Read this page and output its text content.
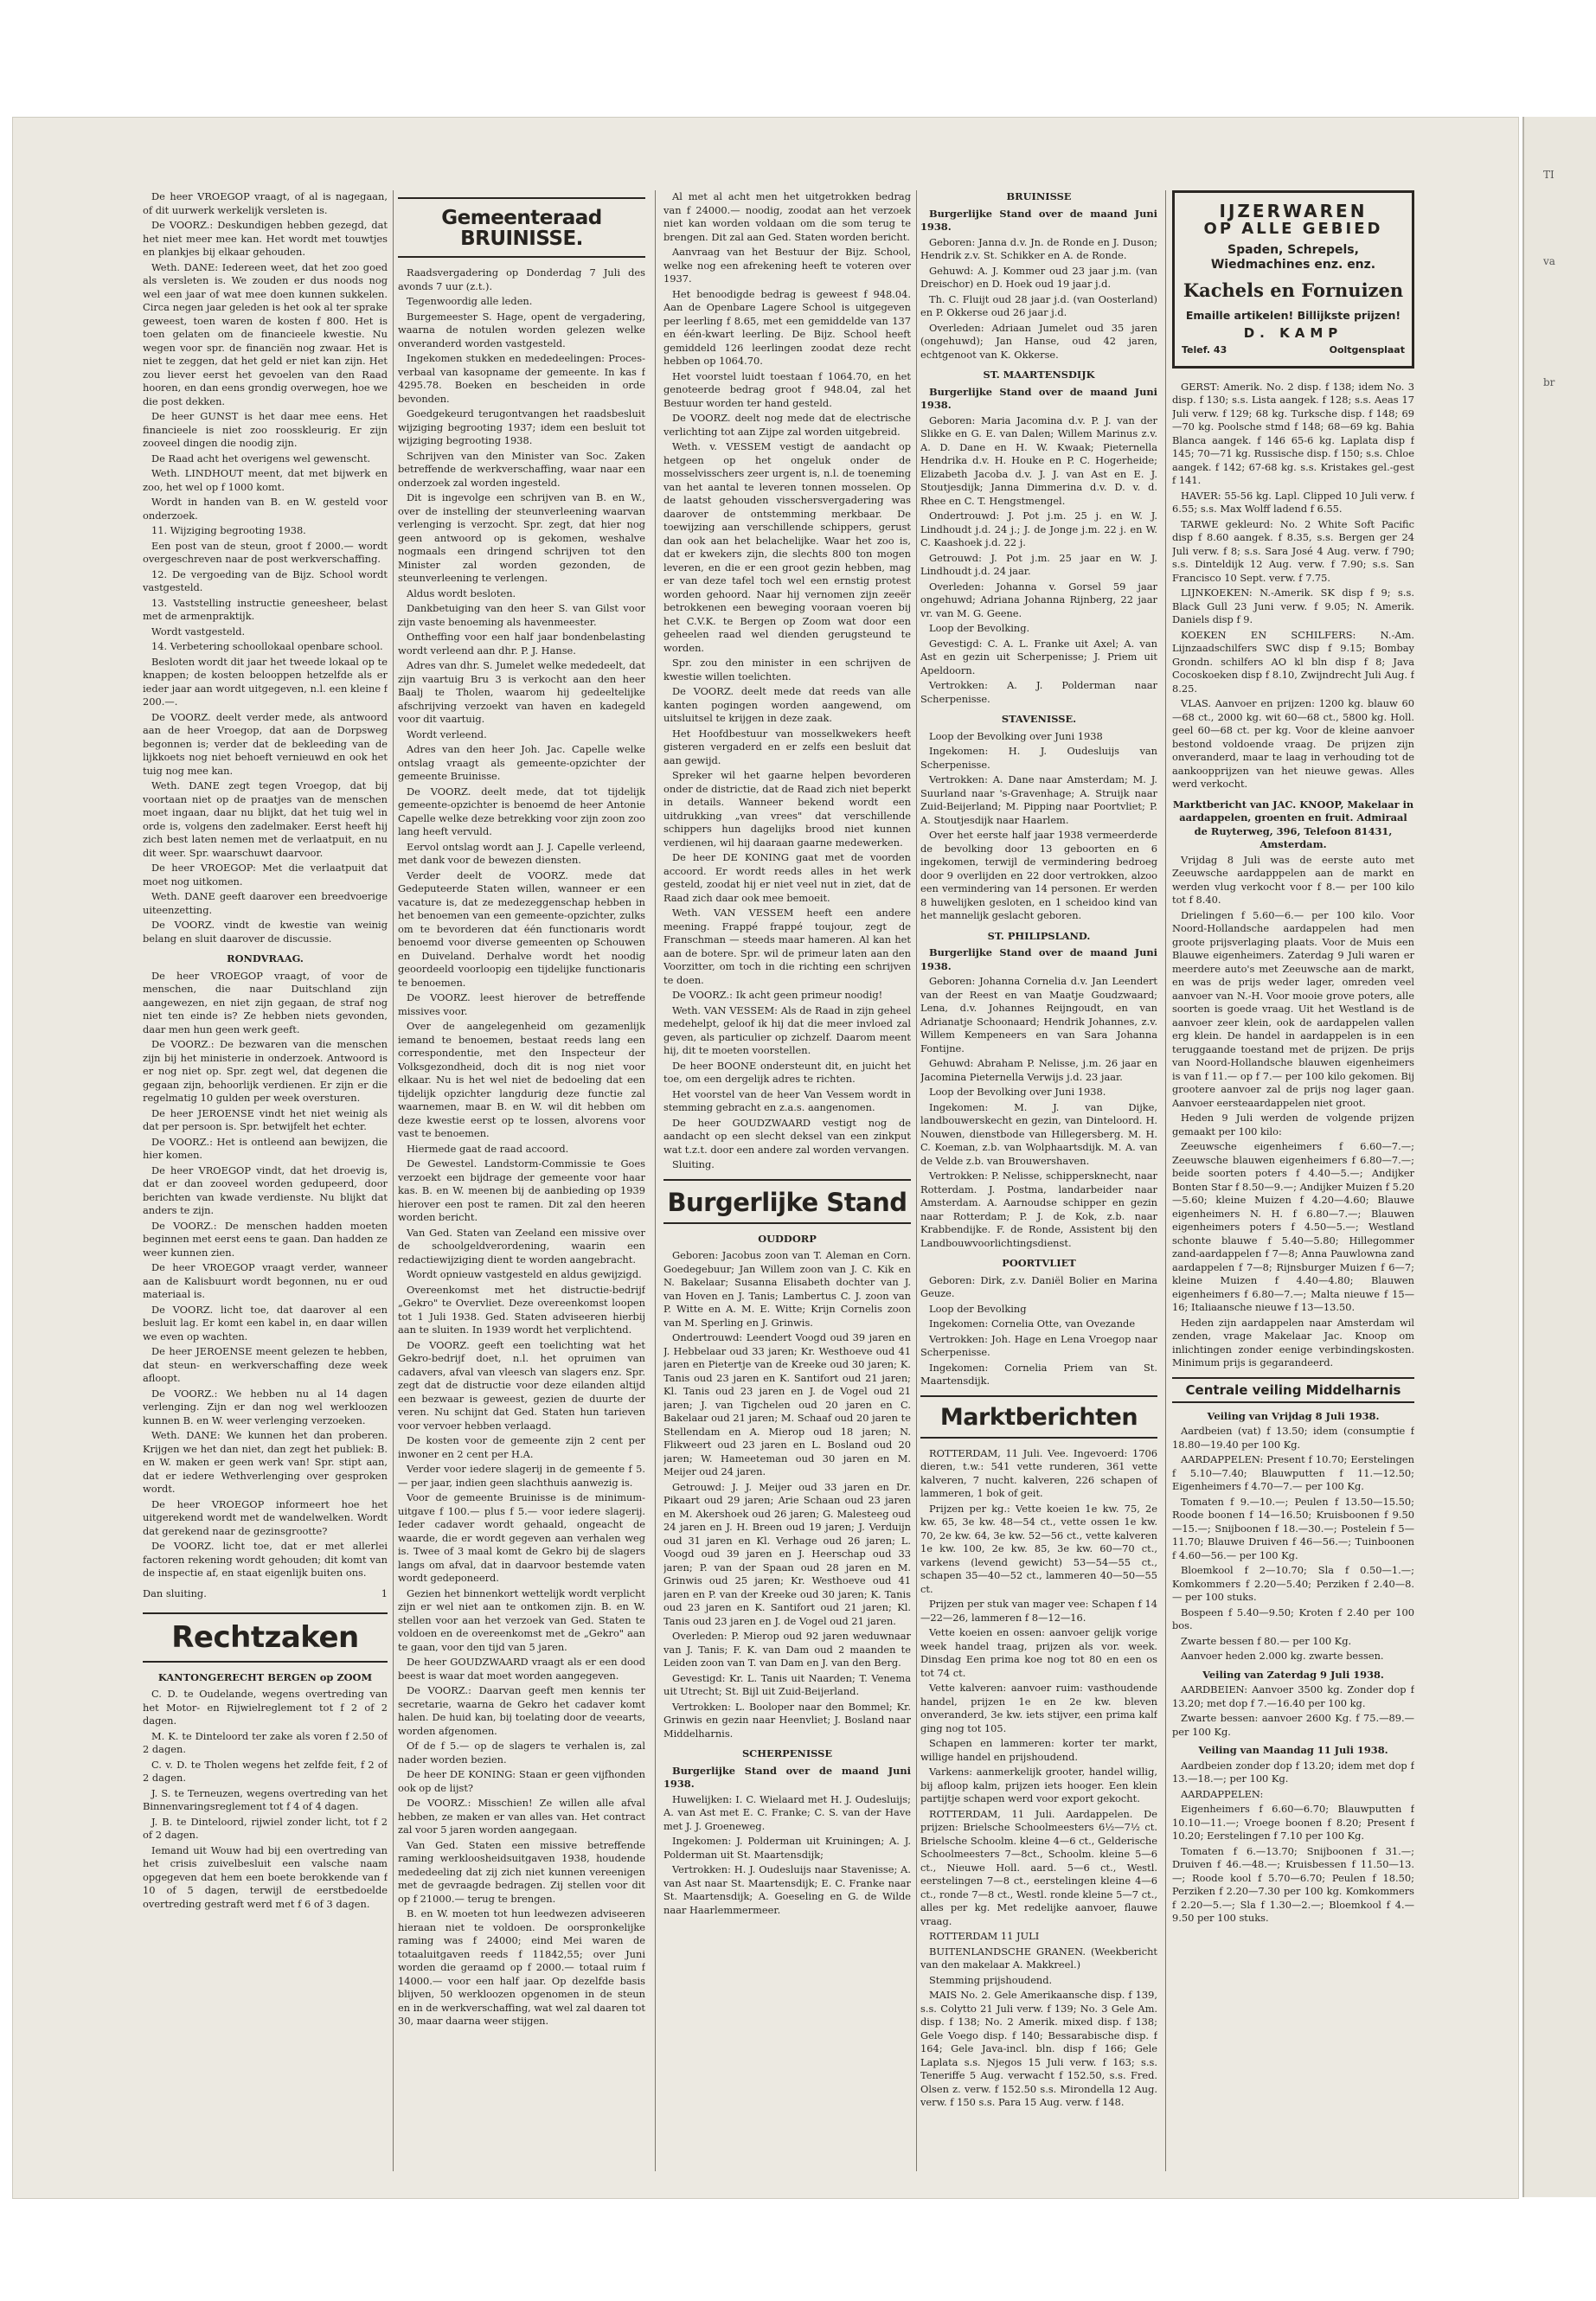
TI
va
br

De heer VROEGOP vraagt, of al is nagegaan, of dit uurwerk werkelijk versleten is.

De VOORZ.: Deskundigen hebben gezegd, dat het niet meer mee kan. Het wordt met touwtjes en plankjes bij elkaar gehouden.

Weth. DANE: Iedereen weet, dat het zoo goed als versleten is. We zouden er dus noods nog wel een jaar of wat mee doen kunnen sukkelen. Circa negen jaar geleden is het ook al ter sprake geweest, toen waren de kosten f 800. Het is toen gelaten om de financieele kwestie. Nu wegen voor spr. de financiën nog zwaar. Het is niet te zeggen, dat het geld er niet kan zijn. Het zou liever eerst het gevoelen van den Raad hooren, en dan eens grondig overwegen, hoe we die post dekken.

De heer GUNST is het daar mee eens. Het financieele is niet zoo roosskleurig. Er zijn zooveel dingen die noodig zijn.

De Raad acht het overigens wel gewenscht.

Weth. LINDHOUT meent, dat met bijwerk en zoo, het wel op f 1000 komt.

Wordt in handen van B. en W. gesteld voor onderzoek.

11. Wijziging begrooting 1938.

Een post van de steun, groot f 2000.— wordt overgeschreven naar de post werkverschaffing.

12. De vergoeding van de Bijz. School wordt vastgesteld.

13. Vaststelling instructie geneesheer, belast met de armenpraktijk.

Wordt vastgesteld.

14. Verbetering schoollokaal openbare school.

Besloten wordt dit jaar het tweede lokaal op te knappen; de kosten belooppen hetzelfde als er ieder jaar aan wordt uitgegeven, n.l. een kleine f 200.—.

De VOORZ. deelt verder mede, als antwoord aan de heer Vroegop, dat aan de Dorpsweg begonnen is; verder dat de bekleeding van de lijkkoets nog niet behoeft vernieuwd en ook het tuig nog mee kan.

Weth. DANE zegt tegen Vroegop, dat bij voortaan niet op de praatjes van de menschen moet ingaan, daar nu blijkt, dat het tuig wel in orde is, volgens den zadelmaker. Eerst heeft hij zich best laten nemen met de verlaatpuit, en nu dit weer. Spr. waarschuwt daarvoor.

De heer VROEGOP: Met die verlaatpuit dat moet nog uitkomen.

Weth. DANE geeft daarover een breedvoerige uiteenzetting.

De VOORZ. vindt de kwestie van weinig belang en sluit daarover de discussie.

RONDVRAAG.

De heer VROEGOP vraagt, of voor de menschen, die naar Duitschland zijn aangewezen, en niet zijn gegaan, de straf nog niet ten einde is? Ze hebben niets gevonden, daar men hun geen werk geeft.

De VOORZ.: De bezwaren van die menschen zijn bij het ministerie in onderzoek. Antwoord is er nog niet op. Spr. zegt wel, dat degenen die gegaan zijn, behoorlijk verdienen. Er zijn er die regelmatig 10 gulden per week oversturen.

De heer JEROENSE vindt het niet weinig als dat per persoon is. Spr. betwijfelt het echter.

De VOORZ.: Het is ontleend aan bewijzen, die hier komen.

De heer VROEGOP vindt, dat het droevig is, dat er dan zooveel worden gedupeerd, door berichten van kwade verdienste. Nu blijkt dat anders te zijn.

De VOORZ.: De menschen hadden moeten beginnen met eerst eens te gaan. Dan hadden ze weer kunnen zien.

De heer VROEGOP vraagt verder, wanneer aan de Kalisbuurt wordt begonnen, nu er oud materiaal is.

De VOORZ. licht toe, dat daarover al een besluit lag. Er komt een kabel in, en daar willen we even op wachten.

De heer JEROENSE meent gelezen te hebben, dat steun- en werkverschaffing deze week afloopt.

De VOORZ.: We hebben nu al 14 dagen verlenging. Zijn er dan nog wel werkloozen kunnen B. en W. weer verlenging verzoeken.

Weth. DANE: We kunnen het dan proberen. Krijgen we het dan niet, dan zegt het publiek: B. en W. maken er geen werk van! Spr. stipt aan, dat er iedere Wethverlenging over gesproken wordt.

De heer VROEGOP informeert hoe het uitgerekend wordt met de wandelwelken. Wordt dat gerekend naar de gezinsgrootte?

De VOORZ. licht toe, dat er met allerlei factoren rekening wordt gehouden; dit komt van de inspectie af, en staat eigenlijk buiten ons.

Dan sluiting.	1
Rechtzaken
KANTONGERECHT BERGEN op ZOOM

C. D. te Oudelande, wegens overtreding van het Motor- en Rijwielreglement tot f 2 of 2 dagen.

M. K. te Dinteloord ter zake als voren f 2.50 of 2 dagen.

C. v. D. te Tholen wegens het zelfde feit, f 2 of 2 dagen.

J. S. te Terneuzen, wegens overtreding van het Binnenvaringsreglement tot f 4 of 4 dagen.

J. B. te Dinteloord, rijwiel zonder licht, tot f 2 of 2 dagen.

Iemand uit Wouw had bij een overtreding van het crisis zuivelbesluit een valsche naam opgegeven dat hem een boete berokkende van f 10 of 5 dagen, terwijl de eerstbedoelde overtreding gestraft werd met f 6 of 3 dagen.

Gemeenteraad BRUINISSE.

Raadsvergadering op Donderdag 7 Juli des avonds 7 uur (z.t.).

Tegenwoordig alle leden.

Burgemeester S. Hage, opent de vergadering, waarna de notulen worden gelezen welke onveranderd worden vastgesteld.

Ingekomen stukken en mededeelingen: Proces-verbaal van kasopname der gemeente. In kas f 4295.78. Boeken en bescheiden in orde bevonden.

Goedgekeurd terugontvangen het raadsbesluit wijziging begrooting 1937; idem een besluit tot wijziging begrooting 1938.

Schrijven van den Minister van Soc. Zaken betreffende de werkverschaffing, waar naar een onderzoek zal worden ingesteld.

Dit is ingevolge een schrijven van B. en W., over de instelling der steunverleening waarvan verlenging is verzocht. Spr. zegt, dat hier nog geen antwoord op is gekomen, weshalve nogmaals een dringend schrijven tot den Minister zal worden gezonden, de steunverleening te verlengen.

Aldus wordt besloten.

Dankbetuiging van den heer S. van Gilst voor zijn vaste benoeming als havenmeester.

Ontheffing voor een half jaar bondenbelasting wordt verleend aan dhr. P. J. Hanse.

Adres van dhr. S. Jumelet welke mededeelt, dat zijn vaartuig Bru 3 is verkocht aan den heer Baalj te Tholen, waarom hij gedeeltelijke afschrijving verzoekt van haven en kadegeld voor dit vaartuig.

Wordt verleend.

Adres van den heer Joh. Jac. Capelle welke ontslag vraagt als gemeente-opzichter der gemeente Bruinisse.

De VOORZ. deelt mede, dat tot tijdelijk gemeente-opzichter is benoemd de heer Antonie Capelle welke deze betrekking voor zijn zoon zoo lang heeft vervuld.

Eervol ontslag wordt aan J. J. Capelle verleend, met dank voor de bewezen diensten.

Verder deelt de VOORZ. mede dat Gedeputeerde Staten willen, wanneer er een vacature is, dat ze medezeggenschap hebben in het benoemen van een gemeente-opzichter, zulks om te bevorderen dat één functionaris wordt benoemd voor diverse gemeenten op Schouwen en Duiveland. Derhalve wordt het noodig geoordeeld voorloopig een tijdelijke functionaris te benoemen.

De VOORZ. leest hierover de betreffende missives voor.

Over de aangelegenheid om gezamenlijk iemand te benoemen, bestaat reeds lang een correspondentie, met den Inspecteur der Volksgezondheid, doch dit is nog niet voor elkaar. Nu is het wel niet de bedoeling dat een tijdelijk opzichter langdurig deze functie zal waarnemen, maar B. en W. wil dit hebben om deze kwestie eerst op te lossen, alvorens voor vast te benoemen.

Hiermede gaat de raad accoord.

De Gewestel. Landstorm-Commissie te Goes verzoekt een bijdrage der gemeente voor haar kas. B. en W. meenen bij de aanbieding op 1939 hierover een post te ramen. Dit zal den heeren worden bericht.

Van Ged. Staten van Zeeland een missive over de schoolgeldverordening, waarin een redactiewijziging dient te worden aangebracht.

Wordt opnieuw vastgesteld en aldus gewijzigd.

Overeenkomst met het distructie-bedrijf „Gekro" te Overvliet. Deze overeenkomst loopen tot 1 Juli 1938. Ged. Staten adviseeren hierbij aan te sluiten. In 1939 wordt het verplichtend.

De VOORZ. geeft een toelichting wat het Gekro-bedrijf doet, n.l. het opruimen van cadavers, afval van vleesch van slagers enz. Spr. zegt dat de distructie voor deze eilanden altijd een bezwaar is geweest, gezien de duurte der veren. Nu schijnt dat Ged. Staten hun tarieven voor vervoer hebben verlaagd.

De kosten voor de gemeente zijn 2 cent per inwoner en 2 cent per H.A.

Verder voor iedere slagerij in de gemeente f 5.— per jaar, indien geen slachthuis aanwezig is.

Voor de gemeente Bruinisse is de minimum-uitgave f 100.— plus f 5.— voor iedere slagerij. Ieder cadaver wordt gehaald, ongeacht de waarde, die er wordt gegeven aan verhalen weg is. Twee of 3 maal komt de Gekro bij de slagers langs om afval, dat in daarvoor bestemde vaten wordt gedeponeerd.

Gezien het binnenkort wettelijk wordt verplicht zijn er wel niet aan te ontkomen zijn. B. en W. stellen voor aan het verzoek van Ged. Staten te voldoen en de overeenkomst met de „Gekro" aan te gaan, voor den tijd van 5 jaren.

De heer GOUDZWAARD vraagt als er een dood beest is waar dat moet worden aangegeven.

De VOORZ.: Daarvan geeft men kennis ter secretarie, waarna de Gekro het cadaver komt halen. De huid kan, bij toelating door de veearts, worden afgenomen.

Of de f 5.— op de slagers te verhalen is, zal nader worden bezien.

De heer DE KONING: Staan er geen vijfhonden ook op de lijst?

De VOORZ.: Misschien! Ze willen alle afval hebben, ze maken er van alles van. Het contract zal voor 5 jaren worden aangegaan.

Van Ged. Staten een missive betreffende raming werkloosheidsuitgaven 1938, houdende mededeeling dat zij zich niet kunnen vereenigen met de gevraagde bedragen. Zij stellen voor dit op f 21000.— terug te brengen.

B. en W. moeten tot hun leedwezen adviseeren hieraan niet te voldoen. De oorspronkelijke raming was f 24000; eind Mei waren de totaaluitgaven reeds f 11842,55; over Juni worden die geraamd op f 2000.— totaal ruim f 14000.— voor een half jaar. Op dezelfde basis blijven, 50 werkloozen opgenomen in de steun en in de werkverschaffing, wat wel zal daaren tot 30, maar daarna weer stijgen.

Al met al acht men het uitgetrokken bedrag van f 24000.— noodig, zoodat aan het verzoek niet kan worden voldaan om die som terug te brengen. Dit zal aan Ged. Staten worden bericht.

Aanvraag van het Bestuur der Bijz. School, welke nog een afrekening heeft te voteren over 1937.

Het benoodigde bedrag is geweest f 948.04. Aan de Openbare Lagere School is uitgegeven per leerling f 8.65, met een gemiddelde van 137 en één-kwart leerling. De Bijz. School heeft gemiddeld 126 leerlingen zoodat deze recht hebben op 1064.70.

Het voorstel luidt toestaan f 1064.70, en het genoteerde bedrag groot f 948.04, zal het Bestuur worden ter hand gesteld.

De VOORZ. deelt nog mede dat de electrische verlichting tot aan Zijpe zal worden uitgebreid.

Weth. v. VESSEM vestigt de aandacht op hetgeen op het ongeluk onder de mosselvisschers zeer urgent is, n.l. de toeneming van het aantal te leveren tonnen mosselen. Op de laatst gehouden visschersvergadering was daarover de ontstemming merkbaar. De toewijzing aan verschillende schippers, gerust dan ook aan het belachelijke. Waar het zoo is, dat er kwekers zijn, die slechts 800 ton mogen leveren, en die er een groot gezin hebben, mag er van deze tafel toch wel een ernstig protest worden gehoord. Naar hij vernomen zijn zeeër betrokkenen een beweging vooraan voeren bij het C.V.K. te Bergen op Zoom wat door een geheelen raad wel dienden gerugsteund te worden.

Spr. zou den minister in een schrijven de kwestie willen toelichten.

De VOORZ. deelt mede dat reeds van alle kanten pogingen worden aangewend, om uitsluitsel te krijgen in deze zaak.

Het Hoofdbestuur van mosselkwekers heeft gisteren vergaderd en er zelfs een besluit dat aan gewijd.

Spreker wil het gaarne helpen bevorderen onder de districtie, dat de Raad zich niet beperkt in details. Wanneer bekend wordt een uitdrukking „van vrees" dat verschillende schippers hun dagelijks brood niet kunnen verdienen, wil hij daaraan gaarne medewerken.

De heer DE KONING gaat met de voorden accoord. Er wordt reeds alles in het werk gesteld, zoodat hij er niet veel nut in ziet, dat de Raad zich daar ook mee bemoeit.

Weth. VAN VESSEM heeft een andere meening. Frappé frappé toujour, zegt de Franschman — steeds maar hameren. Al kan het aan de botere. Spr. wil de primeur laten aan den Voorzitter, om toch in die richting een schrijven te doen.

De VOORZ.: Ik acht geen primeur noodig!

Weth. VAN VESSEM: Als de Raad in zijn geheel medehelpt, geloof ik hij dat die meer invloed zal geven, als particulier op zichzelf. Daarom meent hij, dit te moeten voorstellen.

De heer BOONE ondersteunt dit, en juicht het toe, om een dergelijk adres te richten.

Het voorstel van de heer Van Vessem wordt in stemming gebracht en z.a.s. aangenomen.

De heer GOUDZWAARD vestigt nog de aandacht op een slecht deksel van een zinkput wat t.z.t. door een andere zal worden vervangen.

Sluiting.

Burgerlijke Stand
OUDDORP

Geboren: Jacobus zoon van T. Aleman en Corn. Goedegebuur; Jan Willem zoon van J. C. Kik en N. Bakelaar; Susanna Elisabeth dochter van J. van Hoven en J. Tanis; Lambertus C. J. zoon van P. Witte en A. M. E. Witte; Krijn Cornelis zoon van M. Sperling en J. Grinwis.

Ondertrouwd: Leendert Voogd oud 39 jaren en J. Hebbelaar oud 33 jaren; Kr. Westhoeve oud 41 jaren en Pietertje van de Kreeke oud 30 jaren; K. Tanis oud 23 jaren en K. Santifort oud 21 jaren; Kl. Tanis oud 23 jaren en J. de Vogel oud 21 jaren; J. van Tigchelen oud 20 jaren en C. Bakelaar oud 21 jaren; M. Schaaf oud 20 jaren te Stellendam en A. Mierop oud 18 jaren; N. Flikweert oud 23 jaren en L. Bosland oud 20 jaren; W. Hameeteman oud 30 jaren en M. Meijer oud 24 jaren.

Getrouwd: J. J. Meijer oud 33 jaren en Dr. Pikaart oud 29 jaren; Arie Schaan oud 23 jaren en M. Akershoek oud 26 jaren; G. Malesteeg oud 24 jaren en J. H. Breen oud 19 jaren; J. Verduijn oud 31 jaren en Kl. Verhage oud 26 jaren; L. Voogd oud 39 jaren en J. Heerschap oud 33 jaren; P. van der Spaan oud 28 jaren en M. Grinwis oud 25 jaren; Kr. Westhoeve oud 41 jaren en P. van der Kreeke oud 30 jaren; K. Tanis oud 23 jaren en K. Santifort oud 21 jaren; Kl. Tanis oud 23 jaren en J. de Vogel oud 21 jaren.

Overleden: P. Mierop oud 92 jaren weduwnaar van J. Tanis; F. K. van Dam oud 2 maanden te Leiden zoon van T. van Dam en J. van den Berg.

Gevestigd: Kr. L. Tanis uit Naarden; T. Venema uit Utrecht; St. Bijl uit Zuid-Beijerland.

Vertrokken: L. Booloper naar den Bommel; Kr. Grinwis en gezin naar Heenvliet; J. Bosland naar Middelharnis.

SCHERPENISSE

Burgerlijke Stand over de maand Juni 1938.

Huwelijken: I. C. Wielaard met H. J. Oudesluijs; A. van Ast met E. C. Franke; C. S. van der Have met J. J. Groeneweg.

Ingekomen: J. Polderman uit Kruiningen; A. J. Polderman uit St. Maartensdijk;

Vertrokken: H. J. Oudesluijs naar Stavenisse; A. van Ast naar St. Maartensdijk; E. C. Franke naar St. Maartensdijk; A. Goeseling en G. de Wilde naar Haarlemmermeer.

BRUINISSE

Burgerlijke Stand over de maand Juni 1938.

Geboren: Janna d.v. Jn. de Ronde en J. Duson; Hendrik z.v. St. Schikker en A. de Ronde.

Gehuwd: A. J. Kommer oud 23 jaar j.m. (van Dreischor) en D. Hoek oud 19 jaar j.d.

Th. C. Fluijt oud 28 jaar j.d. (van Oosterland) en P. Okkerse oud 26 jaar j.d.

Overleden: Adriaan Jumelet oud 35 jaren (ongehuwd); Jan Hanse, oud 42 jaren, echtgenoot van K. Okkerse.

ST. MAARTENSDIJK

Burgerlijke Stand over de maand Juni 1938.

Geboren: Maria Jacomina d.v. P. J. van der Slikke en G. E. van Dalen; Willem Marinus z.v. A. D. Dane en H. W. Kwaak; Pieternella Hendrika d.v. H. Houke en P. C. Hogerheide; Elizabeth Jacoba d.v. J. J. van Ast en E. J. Stoutjesdijk; Janna Dimmerina d.v. D. v. d. Rhee en C. T. Hengstmengel.

Ondertrouwd: J. Pot j.m. 25 j. en W. J. Lindhoudt j.d. 24 j.; J. de Jonge j.m. 22 j. en W. C. Kaashoek j.d. 22 j.

Getrouwd: J. Pot j.m. 25 jaar en W. J. Lindhoudt j.d. 24 jaar.

Overleden: Johanna v. Gorsel 59 jaar ongehuwd; Adriana Johanna Rijnberg, 22 jaar vr. van M. G. Geene.

Loop der Bevolking.

Gevestigd: C. A. L. Franke uit Axel; A. van Ast en gezin uit Scherpenisse; J. Priem uit Apeldoorn.

Vertrokken: A. J. Polderman naar Scherpenisse.

STAVENISSE.

Loop der Bevolking over Juni 1938

Ingekomen: H. J. Oudesluijs van Scherpenisse.

Vertrokken: A. Dane naar Amsterdam; M. J. Suurland naar 's-Gravenhage; A. Struijk naar Zuid-Beijerland; M. Pipping naar Poortvliet; P. A. Stoutjesdijk naar Haarlem.

Over het eerste half jaar 1938 vermeerderde de bevolking door 13 geboorten en 6 ingekomen, terwijl de vermindering bedroeg door 9 overlijden en 22 door vertrokken, alzoo een vermindering van 14 personen. Er werden 8 huwelijken gesloten, en 1 scheidoo kind van het mannelijk geslacht geboren.

ST. PHILIPSLAND.

Burgerlijke Stand over de maand Juni 1938.

Geboren: Johanna Cornelia d.v. Jan Leendert van der Reest en van Maatje Goudzwaard; Lena, d.v. Johannes Reijngoudt, en van Adrianatje Schoonaard; Hendrik Johannes, z.v. Willem Kempeneers en van Sara Johanna Fontijne.

Gehuwd: Abraham P. Nelisse, j.m. 26 jaar en Jacomina Pieternella Verwijs j.d. 23 jaar.

Loop der Bevolking over Juni 1938.

Ingekomen: M. J. van Dijke, landbouwerskecht en gezin, van Dinteloord. H. Nouwen, dienstbode van Hillegersberg. M. H. C. Koeman, z.b. van Wolphaartsdijk. M. A. van de Velde z.b. van Brouwershaven.

Vertrokken: P. Nelisse, schippersknecht, naar Rotterdam. J. Postma, landarbeider naar Amsterdam. A. Aarnoudse schipper en gezin naar Rotterdam; P. J. de Kok, z.b. naar Krabbendijke. F. de Ronde, Assistent bij den Landbouwvoorlichtingsdienst.

POORTVLIET

Geboren: Dirk, z.v. Daniël Bolier en Marina Geuze.

Loop der Bevolking

Ingekomen: Cornelia Otte, van Ovezande

Vertrokken: Joh. Hage en Lena Vroegop naar Scherpenisse.

Ingekomen: Cornelia Priem van St. Maartensdijk.

Marktberichten

ROTTERDAM, 11 Juli. Vee. Ingevoerd: 1706 dieren, t.w.: 541 vette runderen, 361 vette kalveren, 7 nucht. kalveren, 226 schapen of lammeren, 1 bok of geit.

Prijzen per kg.: Vette koeien 1e kw. 75, 2e kw. 65, 3e kw. 48—54 ct., vette ossen 1e kw. 70, 2e kw. 64, 3e kw. 52—56 ct., vette kalveren 1e kw. 100, 2e kw. 85, 3e kw. 60—70 ct., varkens (levend gewicht) 53—54—55 ct., schapen 35—40—52 ct., lammeren 40—50—55 ct.

Prijzen per stuk van mager vee: Schapen f 14—22—26, lammeren f 8—12—16.

Vette koeien en ossen: aanvoer gelijk vorige week handel traag, prijzen als vor. week. Dinsdag Een prima koe nog tot 80 en een os tot 74 ct.

Vette kalveren: aanvoer ruim: vasthoudende handel, prijzen 1e en 2e kw. bleven onveranderd, 3e kw. iets stijver, een prima kalf ging nog tot 105.

Schapen en lammeren: korter ter markt, willige handel en prijshoudend.

Varkens: aanmerkelijk grooter, handel willig, bij afloop kalm, prijzen iets hooger. Een klein partijtje schapen werd voor export gekocht.

ROTTERDAM, 11 Juli. Aardappelen. De prijzen: Brielsche Schoolmeesters 6½—7½ ct. Brielsche Schoolm. kleine 4—6 ct., Gelderische Schoolmeesters 7—8ct., Schoolm. kleine 5—6 ct., Nieuwe Holl. aard. 5—6 ct., Westl. eerstelingen 7—8 ct., eerstelingen kleine 4—6 ct., ronde 7—8 ct., Westl. ronde kleine 5—7 ct., alles per kg. Met redelijke aanvoer, flauwe vraag.

ROTTERDAM 11 JULI

BUITENLANDSCHE GRANEN. (Weekbericht van den makelaar A. Makkreel.)

Stemming prijshoudend.

MAIS No. 2. Gele Amerikaansche disp. f 139, s.s. Colytto 21 Juli verw. f 139; No. 3 Gele Am. disp. f 138; No. 2 Amerik. mixed disp. f 138; Gele Voego disp. f 140; Bessarabische disp. f 164; Gele Java-incl. bln. disp f 166; Gele Laplata s.s. Njegos 15 Juli verw. f 163; s.s. Teneriffe 5 Aug. verwacht f 152.50, s.s. Fred. Olsen z. verw. f 152.50 s.s. Mirondella 12 Aug. verw. f 150 s.s. Para 15 Aug. verw. f 148.

IJZERWAREN
OP ALLE GEBIED
Spaden, Schrepels, Wiedmachines enz. enz.
Kachels en Fornuizen
Emaille artikelen! Billijkste prijzen!
D. KAMP
Telef. 43	Ooltgensplaat

GERST: Amerik. No. 2 disp. f 138; idem No. 3 disp. f 130; s.s. Lista aangek. f 128; s.s. Aeas 17 Juli verw. f 129; 68 kg. Turksche disp. f 148; 69—70 kg. Poolsche stmd f 148; 68—69 kg. Bahia Blanca aangek. f 146 65-6 kg. Laplata disp f 145; 70—71 kg. Russische disp. f 150; s.s. Chloe aangek. f 142; 67-68 kg. s.s. Kristakes gel.-gest f 141.

HAVER: 55-56 kg. Lapl. Clipped 10 Juli verw. f 6.55; s.s. Max Wolff ladend f 6.55.

TARWE gekleurd: No. 2 White Soft Pacific disp f 8.60 aangek. f 8.35, s.s. Bergen ger 24 Juli verw. f 8; s.s. Sara José 4 Aug. verw. f 790; s.s. Dinteldijk 12 Aug. verw. f 7.90; s.s. San Francisco 10 Sept. verw. f 7.75.

LIJNKOEKEN: N.-Amerik. SK disp f 9; s.s. Black Gull 23 Juni verw. f 9.05; N. Amerik. Daniels disp f 9.

KOEKEN EN SCHILFERS: N.-Am. Lijnzaadschilfers SWC disp f 9.15; Bombay Grondn. schilfers AO kl bln disp f 8; Java Cocoskoeken disp f 8.10, Zwijndrecht Juli Aug. f 8.25.

VLAS. Aanvoer en prijzen: 1200 kg. blauw 60—68 ct., 2000 kg. wit 60—68 ct., 5800 kg. Holl. geel 60—68 ct. per kg. Voor de kleine aanvoer bestond voldoende vraag. De prijzen zijn onveranderd, maar te laag in verhouding tot de aankoopprijzen van het nieuwe gewas. Alles werd verkocht.

Marktbericht van JAC. KNOOP, Makelaar in aardappelen, groenten en fruit. Admiraal de Ruyterweg, 396, Telefoon 81431, Amsterdam.

Vrijdag 8 Juli was de eerste auto met Zeeuwsche aardapppelen aan de markt en werden vlug verkocht voor f 8.— per 100 kilo tot f 8.40.

Drielingen f 5.60—6.— per 100 kilo. Voor Noord-Hollandsche aardappelen had men groote prijsverlaging plaats. Voor de Muis een Blauwe eigenheimers. Zaterdag 9 Juli waren er meerdere auto's met Zeeuwsche aan de markt, en was de prijs weder lager, omreden veel aanvoer van N.-H. Voor mooie grove poters, alle soorten is goede vraag. Uit het Westland is de aanvoer zeer klein, ook de aardappelen vallen erg klein. De handel in aardappelen is in een teruggaande toestand met de prijzen. De prijs van Noord-Hollandsche blauwen eigenheimers is van f 11.— op f 7.— per 100 kilo gekomen. Bij grootere aanvoer zal de prijs nog lager gaan. Aanvoer eersteaardappelen niet groot.

Heden 9 Juli werden de volgende prijzen gemaakt per 100 kilo:

Zeeuwsche eigenheimers f 6.60—7.—; Zeeuwsche blauwen eigenheimers f 6.80—7.—; beide soorten poters f 4.40—5.—; Andijker Bonten Star f 8.50—9.—; Andijker Muizen f 5.20—5.60; kleine Muizen f 4.20—4.60; Blauwe eigenheimers N. H. f 6.80—7.—; Blauwen eigenheimers poters f 4.50—5.—; Westland schonte blauwe f 5.40—5.80; Hillegommer zand-aardappelen f 7—8; Anna Pauwlowna zand aardappelen f 7—8; Rijnsburger Muizen f 6—7; kleine Muizen f 4.40—4.80; Blauwen eigenheimers f 6.80—7.—; Malta nieuwe f 15—16; Italiaansche nieuwe f 13—13.50.

Heden zijn aardappelen naar Amsterdam wil zenden, vrage Makelaar Jac. Knoop om inlichtingen zonder eenige verbindingskosten. Minimum prijs is gegarandeerd.

Centrale veiling Middelharnis

Veiling van Vrijdag 8 Juli 1938.

Aardbeien (vat) f 13.50; idem (consumptie f 18.80—19.40 per 100 Kg.

AARDAPPELEN: Present f 10.70; Eerstelingen f 5.10—7.40; Blauwputten f 11.—12.50; Eigenheimers f 4.70—7.— per 100 Kg.

Tomaten f 9.—10.—; Peulen f 13.50—15.50; Roode boonen f 14—16.50; Kruisboonen f 9.50 —15.—; Snijboonen f 18.—30.—; Postelein f 5—11.70; Blauwe Druiven f 46—56.—; Tuinboonen f 4.60—56.— per 100 Kg.

Bloemkool f 2—10.70; Sla f 0.50—1.—; Komkommers f 2.20—5.40; Perziken f 2.40—8.— per 100 stuks.

Bospeen f 5.40—9.50; Kroten f 2.40 per 100 bos.

Zwarte bessen f 80.— per 100 Kg.

Aanvoer heden 2.000 kg. zwarte bessen.

Veiling van Zaterdag 9 Juli 1938.

AARDBEIEN: Aanvoer 3500 kg. Zonder dop f 13.20; met dop f 7.—16.40 per 100 kg.

Zwarte bessen: aanvoer 2600 Kg. f 75.—89.— per 100 Kg.

Veiling van Maandag 11 Juli 1938.

Aardbeien zonder dop f 13.20; idem met dop f 13.—18.—; per 100 Kg.

AARDAPPELEN:

Eigenheimers f 6.60—6.70; Blauwputten f 10.10—11.—; Vroege boonen f 8.20; Present f 10.20; Eerstelingen f 7.10 per 100 Kg.

Tomaten f 6.—13.70; Snijboonen f 31.—; Druiven f 46.—48.—; Kruisbessen f 11.50—13.—; Roode kool f 5.70—6.70; Peulen f 18.50; Perziken f 2.20—7.30 per 100 kg. Komkommers f 2.20—5.—; Sla f 1.30—2.—; Bloemkool f 4.—9.50 per 100 stuks.
